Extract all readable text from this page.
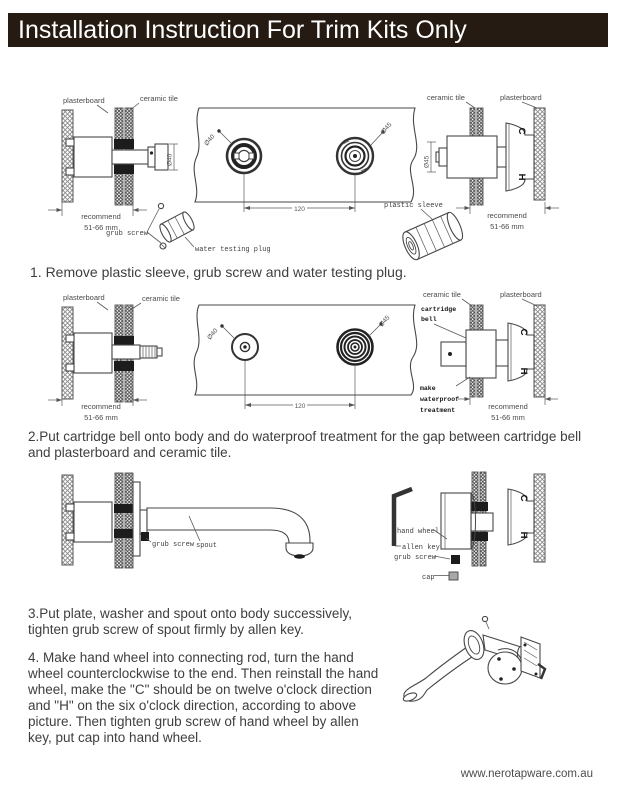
Installation Instruction For Trim Kits Only
Ø40
recommend
51-66 mm
plasterboard	ceramic tile
Ø40
Ø45
120	plastic sleeve
C
H
Ø45
recommend
51-66 mm
ceramic tile	plasterboard
grub screw
water testing plug
1. Remove plastic sleeve, grub screw and water testing plug.
recommend
51-66 mm
plasterboard	ceramic tile
Ø40
Ø45
120
C
H
ceramic tile	plasterboard
cartridge
bell
make
waterproof
treatment	recommend
51-66 mm
2.Put cartridge bell onto body and do waterproof treatment for the gap between cartridge bell and plasterboard and ceramic tile.
grub screw spout
C
H
hand wheel
allen key
grub screw
cap
3.Put plate, washer and spout onto body successively, tighten grub screw of spout firmly by allen key.
4. Make hand wheel into connecting rod, turn the hand wheel counterclockwise to the end. Then reinstall the hand wheel, make the "C" should be on twelve o'clock direction and "H" on the six o'clock direction, according to above picture. Then tighten grub screw of hand wheel by allen key, put cap into hand wheel.
www.nerotapware.com.au
